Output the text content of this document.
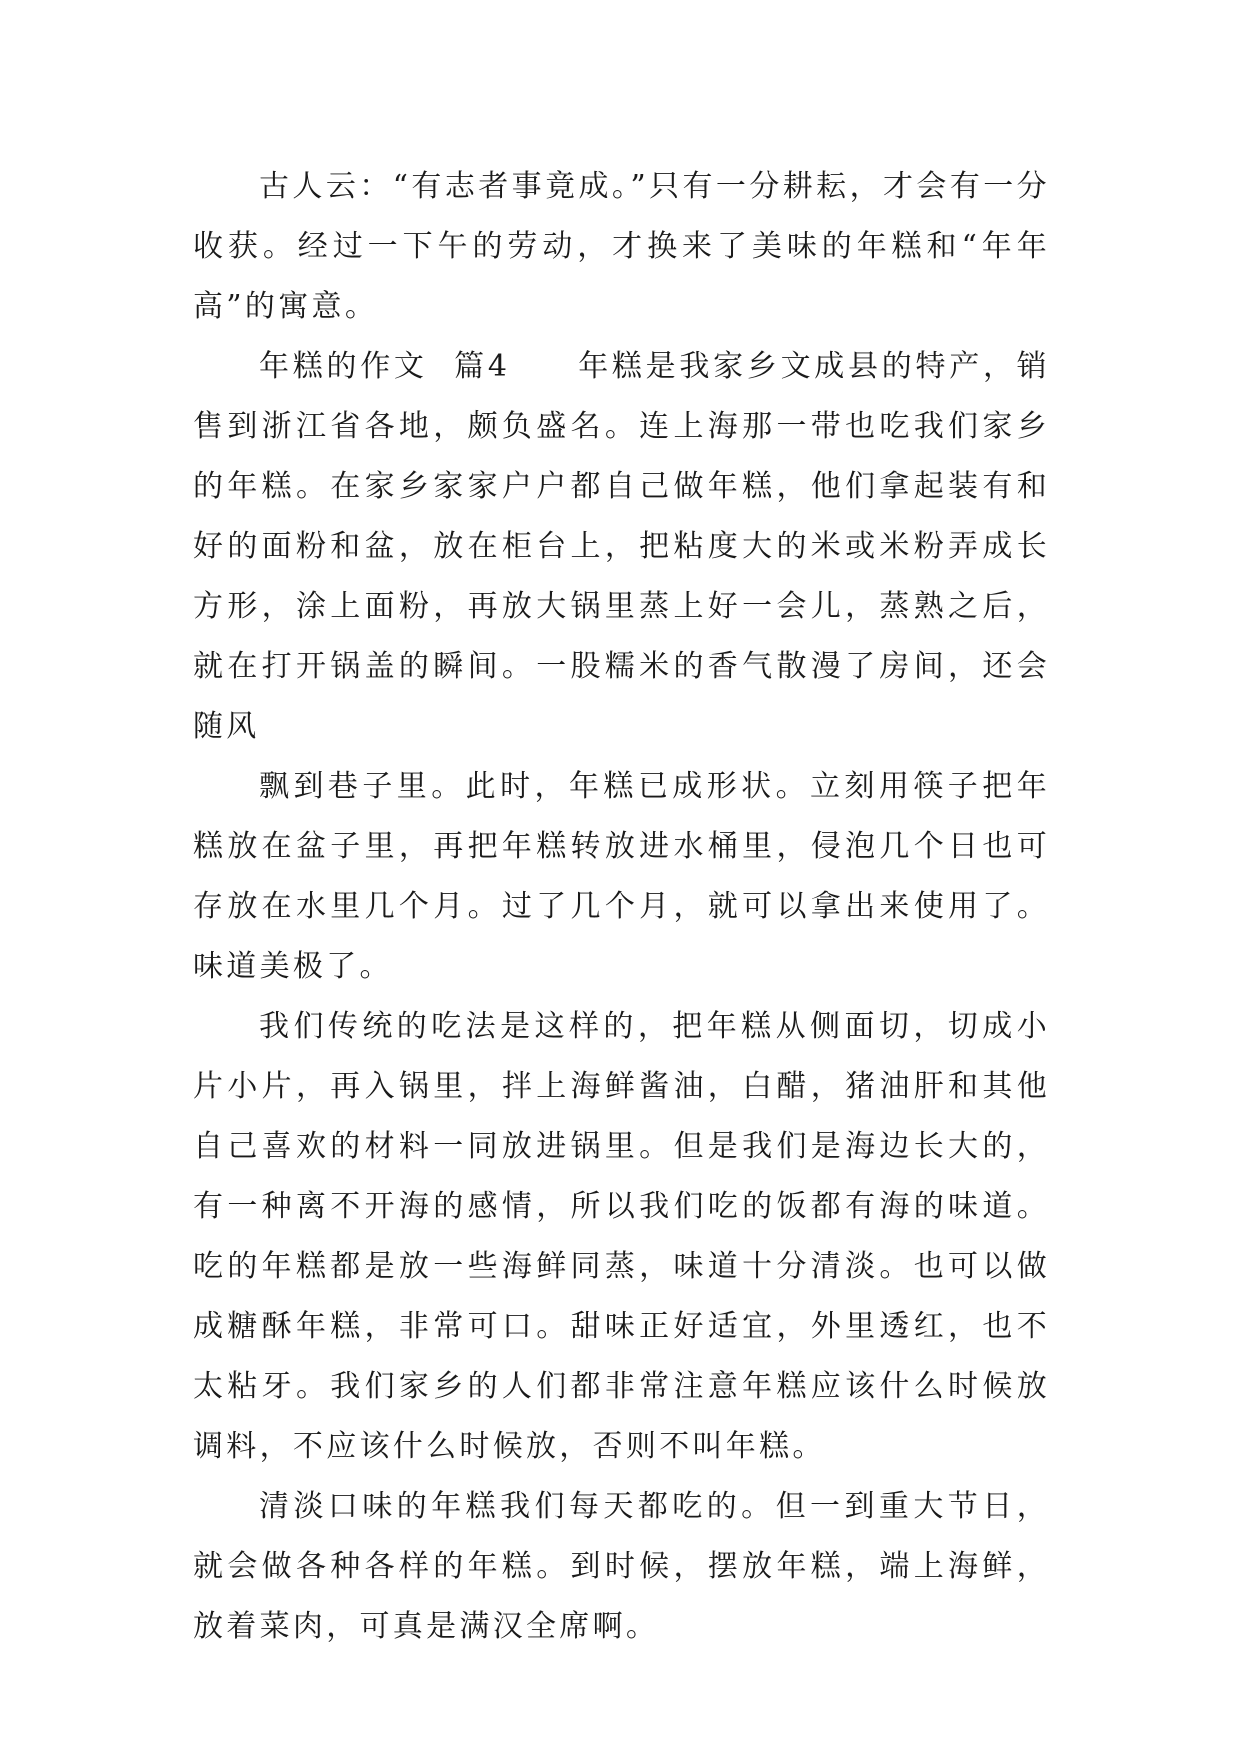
古人云：“有志者事竟成。”只有一分耕耘，才会有一分收获。经过一下午的劳动，才换来了美味的年糕和“年年高”的寓意。

年糕的作文  篇4　　年糕是我家乡文成县的特产，销售到浙江省各地，颇负盛名。连上海那一带也吃我们家乡的年糕。在家乡家家户户都自己做年糕，他们拿起装有和好的面粉和盆，放在柜台上，把粘度大的米或米粉弄成长方形，涂上面粉，再放大锅里蒸上好一会儿，蒸熟之后，就在打开锅盖的瞬间。一股糯米的香气散漫了房间，还会随风

飘到巷子里。此时，年糕已成形状。立刻用筷子把年糕放在盆子里，再把年糕转放进水桶里，侵泡几个日也可存放在水里几个月。过了几个月，就可以拿出来使用了。味道美极了。

我们传统的吃法是这样的，把年糕从侧面切，切成小片小片，再入锅里，拌上海鲜酱油，白醋，猪油肝和其他自己喜欢的材料一同放进锅里。但是我们是海边长大的，有一种离不开海的感情，所以我们吃的饭都有海的味道。吃的年糕都是放一些海鲜同蒸，味道十分清淡。也可以做成糖酥年糕，非常可口。甜味正好适宜，外里透红，也不太粘牙。我们家乡的人们都非常注意年糕应该什么时候放调料，不应该什么时候放，否则不叫年糕。

清淡口味的年糕我们每天都吃的。但一到重大节日，就会做各种各样的年糕。到时候，摆放年糕，端上海鲜，放着菜肉，可真是满汉全席啊。
